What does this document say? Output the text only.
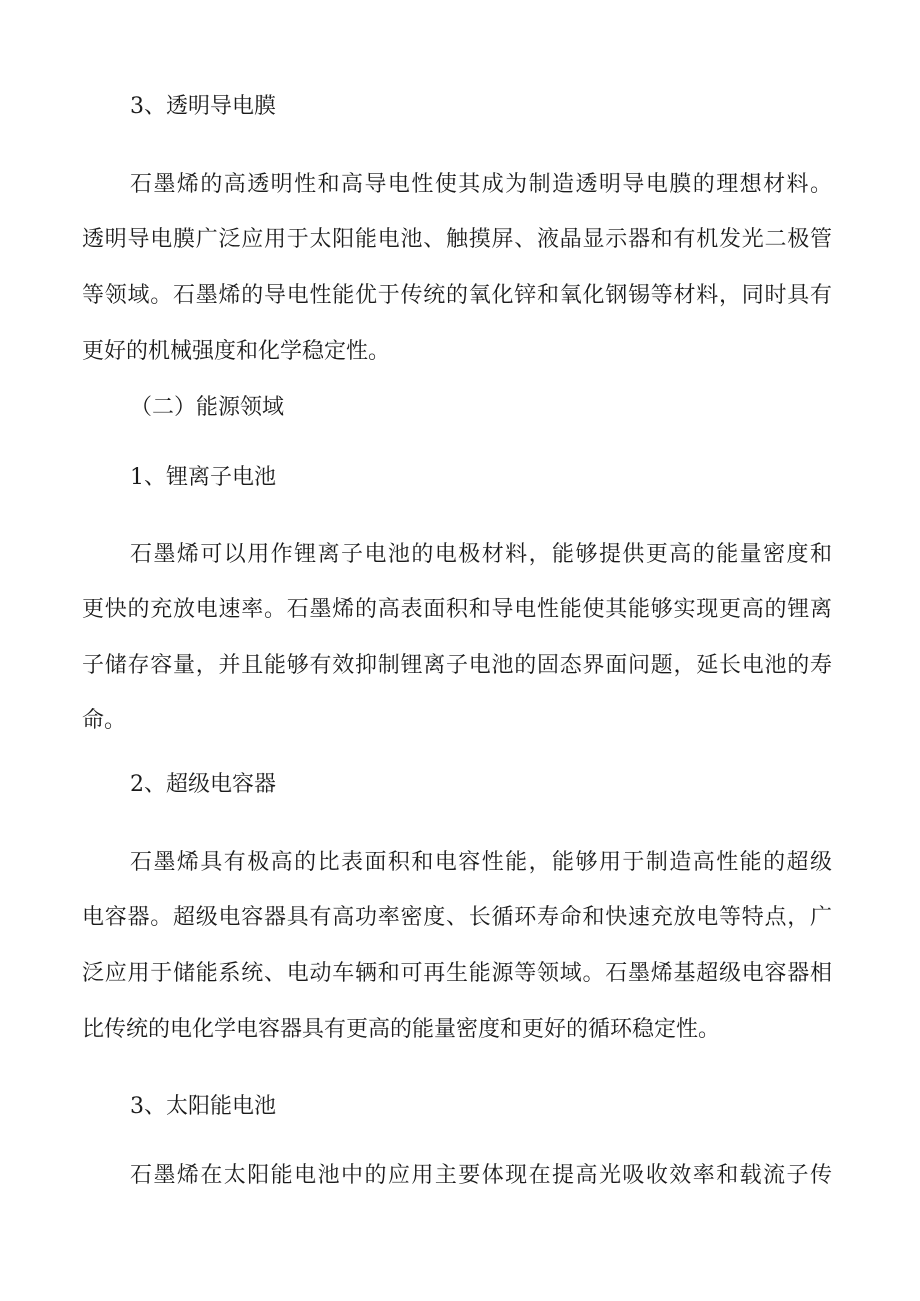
3、透明导电膜
石墨烯的高透明性和高导电性使其成为制造透明导电膜的理想材料。
透明导电膜广泛应用于太阳能电池、触摸屏、液晶显示器和有机发光二极管
等领域。石墨烯的导电性能优于传统的氧化锌和氧化钢锡等材料，同时具有
更好的机械强度和化学稳定性。
（二）能源领域
1、锂离子电池
石墨烯可以用作锂离子电池的电极材料，能够提供更高的能量密度和
更快的充放电速率。石墨烯的高表面积和导电性能使其能够实现更高的锂离
子储存容量，并且能够有效抑制锂离子电池的固态界面问题，延长电池的寿
命。
2、超级电容器
石墨烯具有极高的比表面积和电容性能，能够用于制造高性能的超级
电容器。超级电容器具有高功率密度、长循环寿命和快速充放电等特点，广
泛应用于储能系统、电动车辆和可再生能源等领域。石墨烯基超级电容器相
比传统的电化学电容器具有更高的能量密度和更好的循环稳定性。
3、太阳能电池
石墨烯在太阳能电池中的应用主要体现在提高光吸收效率和载流子传
